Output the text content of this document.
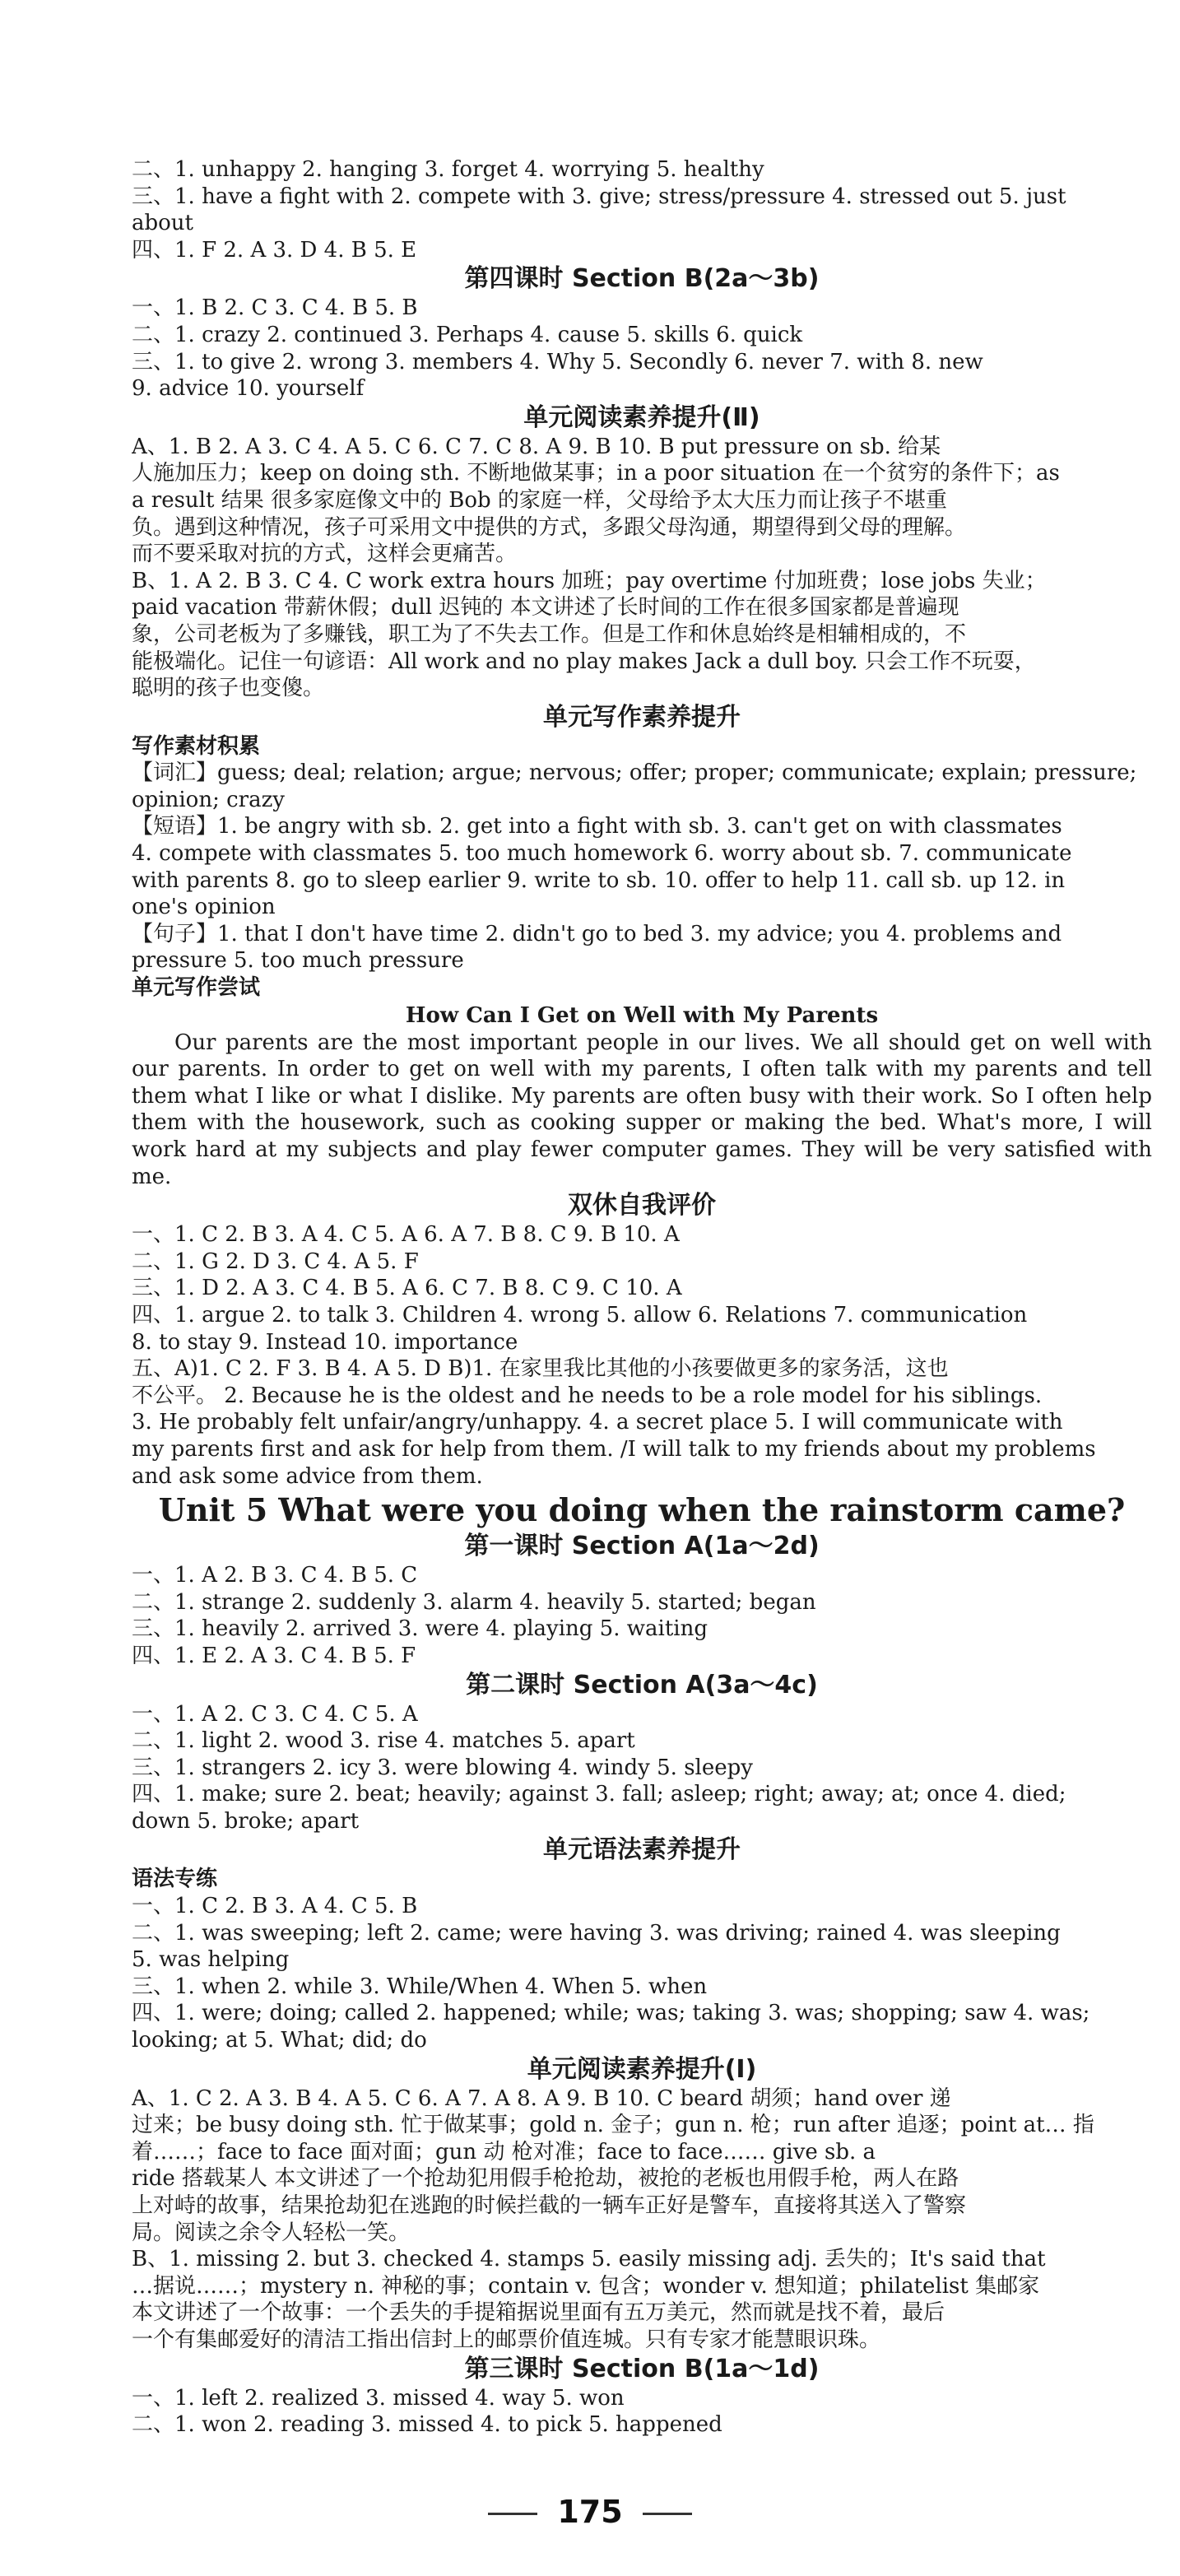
二、1. unhappy 2. hanging 3. forget 4. worrying 5. healthy
三、1. have a fight with 2. compete with 3. give; stress/pressure 4. stressed out 5. just
about
四、1. F 2. A 3. D 4. B 5. E
第四课时 Section B(2a～3b)
一、1. B 2. C 3. C 4. B 5. B
二、1. crazy 2. continued 3. Perhaps 4. cause 5. skills 6. quick
三、1. to give 2. wrong 3. members 4. Why 5. Secondly 6. never 7. with 8. new
9. advice 10. yourself
单元阅读素养提升(Ⅱ)
A、1. B 2. A 3. C 4. A 5. C 6. C 7. C 8. A 9. B 10. B put pressure on sb. 给某
人施加压力；keep on doing sth. 不断地做某事；in a poor situation 在一个贫穷的条件下；as
a result 结果 很多家庭像文中的 Bob 的家庭一样，父母给予太大压力而让孩子不堪重
负。遇到这种情况，孩子可采用文中提供的方式，多跟父母沟通，期望得到父母的理解。
而不要采取对抗的方式，这样会更痛苦。
B、1. A 2. B 3. C 4. C work extra hours 加班；pay overtime 付加班费；lose jobs 失业；
paid vacation 带薪休假；dull 迟钝的 本文讲述了长时间的工作在很多国家都是普遍现
象，公司老板为了多赚钱，职工为了不失去工作。但是工作和休息始终是相辅相成的，不
能极端化。记住一句谚语：All work and no play makes Jack a dull boy. 只会工作不玩耍，
聪明的孩子也变傻。
单元写作素养提升
写作素材积累
【词汇】guess; deal; relation; argue; nervous; offer; proper; communicate; explain; pressure;
opinion; crazy
【短语】1. be angry with sb. 2. get into a fight with sb. 3. can't get on with classmates
4. compete with classmates 5. too much homework 6. worry about sb. 7. communicate
with parents 8. go to sleep earlier 9. write to sb. 10. offer to help 11. call sb. up 12. in
one's opinion
【句子】1. that I don't have time 2. didn't go to bed 3. my advice; you 4. problems and
pressure 5. too much pressure
单元写作尝试
How Can I Get on Well with My Parents
Our parents are the most important people in our lives. We all should get on well with our parents. In order to get on well with my parents, I often talk with my parents and tell them what I like or what I dislike. My parents are often busy with their work. So I often help them with the housework, such as cooking supper or making the bed. What's more, I will work hard at my subjects and play fewer computer games. They will be very satisfied with me.
双休自我评价
一、1. C 2. B 3. A 4. C 5. A 6. A 7. B 8. C 9. B 10. A
二、1. G 2. D 3. C 4. A 5. F
三、1. D 2. A 3. C 4. B 5. A 6. C 7. B 8. C 9. C 10. A
四、1. argue 2. to talk 3. Children 4. wrong 5. allow 6. Relations 7. communication
8. to stay 9. Instead 10. importance
五、A)1. C 2. F 3. B 4. A 5. D B)1. 在家里我比其他的小孩要做更多的家务活，这也
不公平。 2. Because he is the oldest and he needs to be a role model for his siblings.
3. He probably felt unfair/angry/unhappy. 4. a secret place 5. I will communicate with
my parents first and ask for help from them. /I will talk to my friends about my problems
and ask some advice from them.
Unit 5 What were you doing when the rainstorm came?
第一课时 Section A(1a～2d)
一、1. A 2. B 3. C 4. B 5. C
二、1. strange 2. suddenly 3. alarm 4. heavily 5. started; began
三、1. heavily 2. arrived 3. were 4. playing 5. waiting
四、1. E 2. A 3. C 4. B 5. F
第二课时 Section A(3a～4c)
一、1. A 2. C 3. C 4. C 5. A
二、1. light 2. wood 3. rise 4. matches 5. apart
三、1. strangers 2. icy 3. were blowing 4. windy 5. sleepy
四、1. make; sure 2. beat; heavily; against 3. fall; asleep; right; away; at; once 4. died;
down 5. broke; apart
单元语法素养提升
语法专练
一、1. C 2. B 3. A 4. C 5. B
二、1. was sweeping; left 2. came; were having 3. was driving; rained 4. was sleeping
5. was helping
三、1. when 2. while 3. While/When 4. When 5. when
四、1. were; doing; called 2. happened; while; was; taking 3. was; shopping; saw 4. was;
looking; at 5. What; did; do
单元阅读素养提升(Ⅰ)
A、1. C 2. A 3. B 4. A 5. C 6. A 7. A 8. A 9. B 10. C beard 胡须；hand over 递
过来；be busy doing sth. 忙于做某事；gold n. 金子；gun n. 枪；run after 追逐；point at… 指
着……；face to face 面对面；gun 动 枪对准；face to face…… give sb. a
ride 搭载某人 本文讲述了一个抢劫犯用假手枪抢劫，被抢的老板也用假手枪，两人在路
上对峙的故事，结果抢劫犯在逃跑的时候拦截的一辆车正好是警车，直接将其送入了警察
局。阅读之余令人轻松一笑。
B、1. missing 2. but 3. checked 4. stamps 5. easily missing adj. 丢失的；It's said that
…据说……；mystery n. 神秘的事；contain v. 包含；wonder v. 想知道；philatelist 集邮家
本文讲述了一个故事：一个丢失的手提箱据说里面有五万美元，然而就是找不着，最后
一个有集邮爱好的清洁工指出信封上的邮票价值连城。只有专家才能慧眼识珠。
第三课时 Section B(1a～1d)
一、1. left 2. realized 3. missed 4. way 5. won
二、1. won 2. reading 3. missed 4. to pick 5. happened
175
